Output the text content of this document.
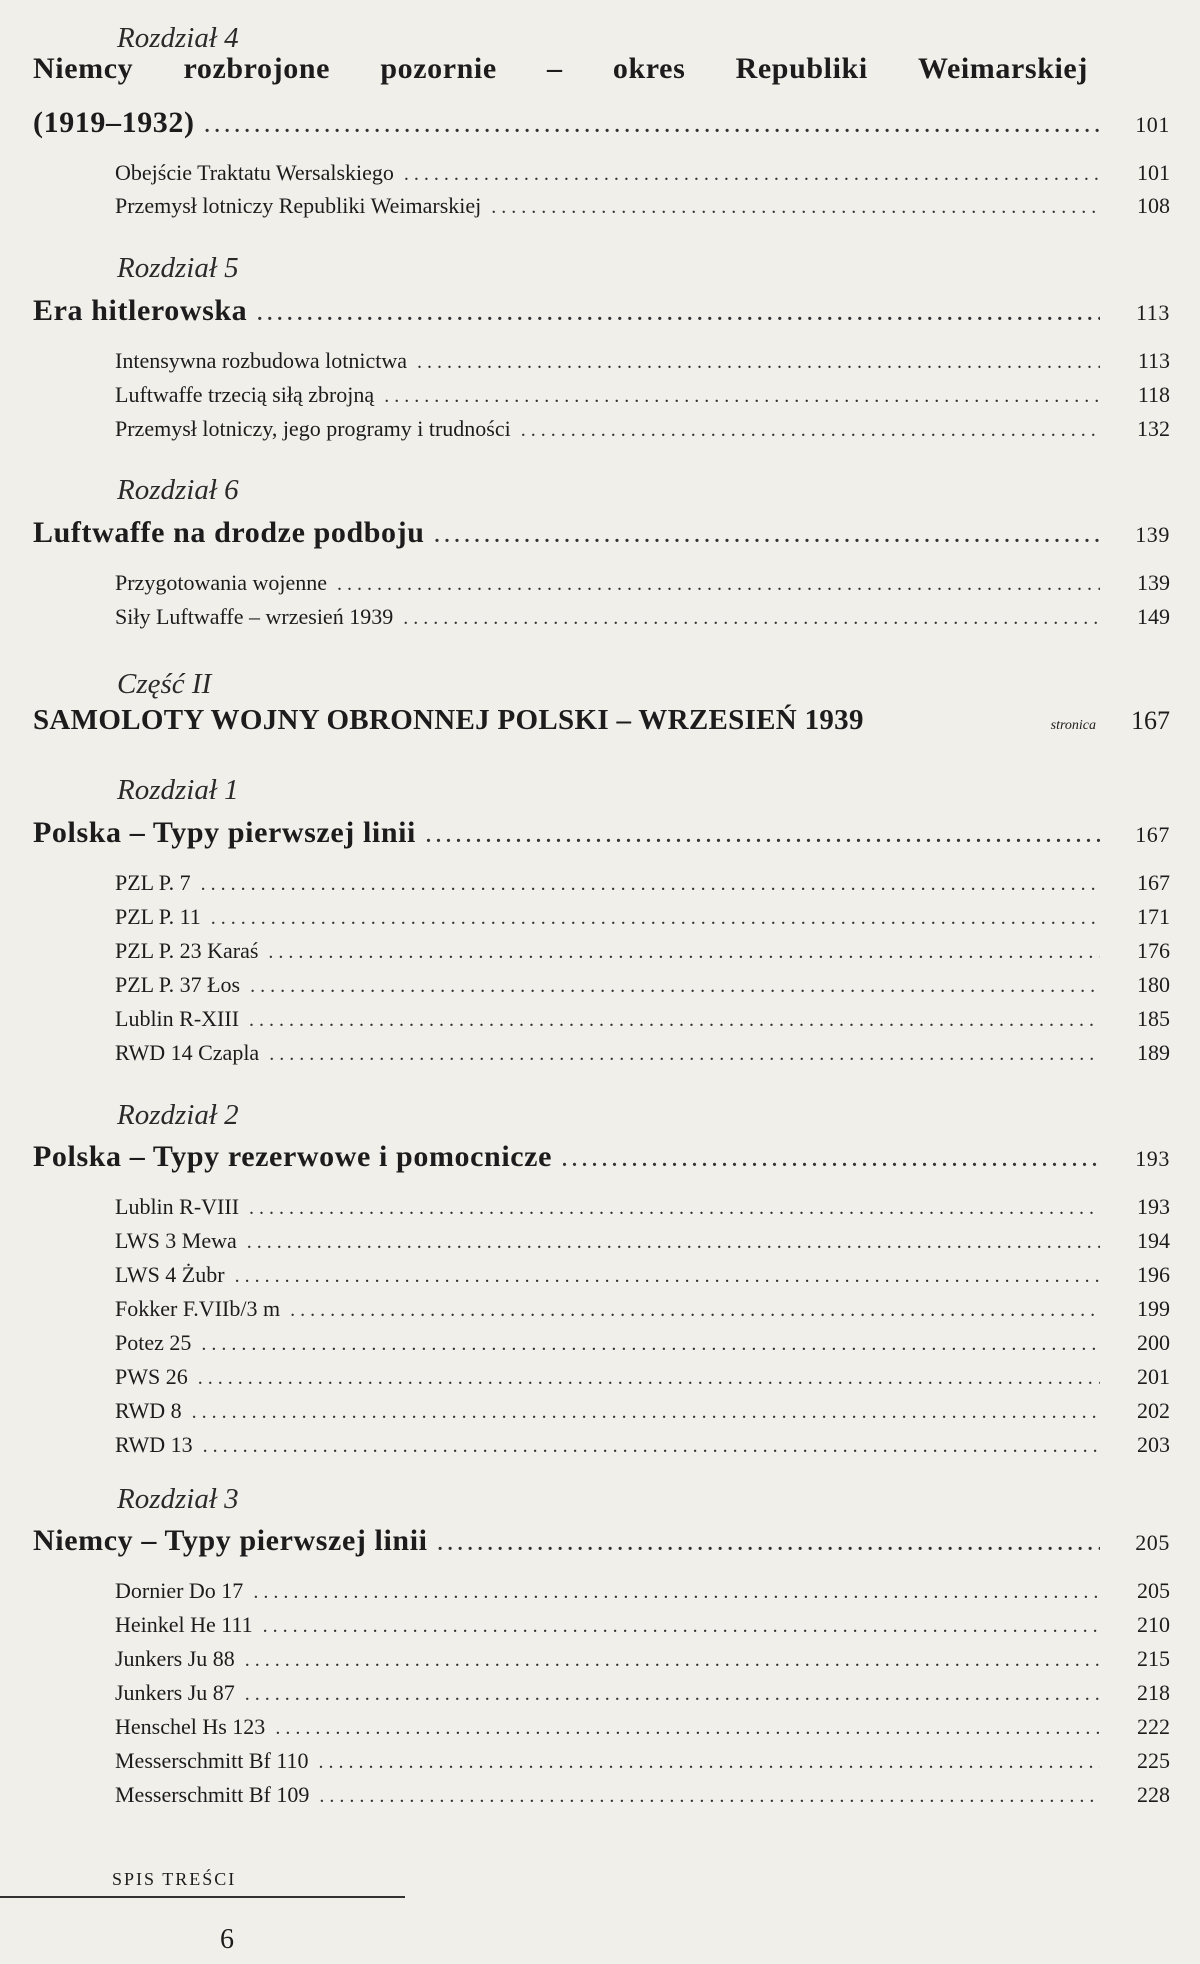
Rozdział 4
Niemcy rozbrojone pozornie – okres Republiki Weimarskiej
(1919–1932) . . .	101
Obejście Traktatu Wersalskiego . . .	101
Przemysł lotniczy Republiki Weimarskiej . . .	108
Rozdział 5
Era hitlerowska . . .	113
Intensywna rozbudowa lotnictwa . . .	113
Luftwaffe trzecią siłą zbrojną . . .	118
Przemysł lotniczy, jego programy i trudności . . .	132
Rozdział 6
Luftwaffe na drodze podboju . . .	139
Przygotowania wojenne . . .	139
Siły Luftwaffe – wrzesień 1939 . . .	149
Część II
SAMOLOTY WOJNY OBRONNEJ POLSKI – WRZESIEŃ 1939	stronica 167
Rozdział 1
Polska – Typy pierwszej linii . . .	167
PZL P. 7 . . .	167
PZL P. 11 . . .	171
PZL P. 23 Karaś . . .	176
PZL P. 37 Łos . . .	180
Lublin R-XIII . . .	185
RWD 14 Czapla . . .	189
Rozdział 2
Polska – Typy rezerwowe i pomocnicze . . .	193
Lublin R-VIII . . .	193
LWS 3 Mewa . . .	194
LWS 4 Żubr . . .	196
Fokker F.VIIb/3 m . . .	199
Potez 25 . . .	200
PWS 26 . . .	201
RWD 8 . . .	202
RWD 13 . . .	203
Rozdział 3
Niemcy – Typy pierwszej linii . . .	205
Dornier Do 17 . . .	205
Heinkel He 111 . . .	210
Junkers Ju 88 . . .	215
Junkers Ju 87 . . .	218
Henschel Hs 123 . . .	222
Messerschmitt Bf 110 . . .	225
Messerschmitt Bf 109 . . .	228
SPIS TREŚCI
6
